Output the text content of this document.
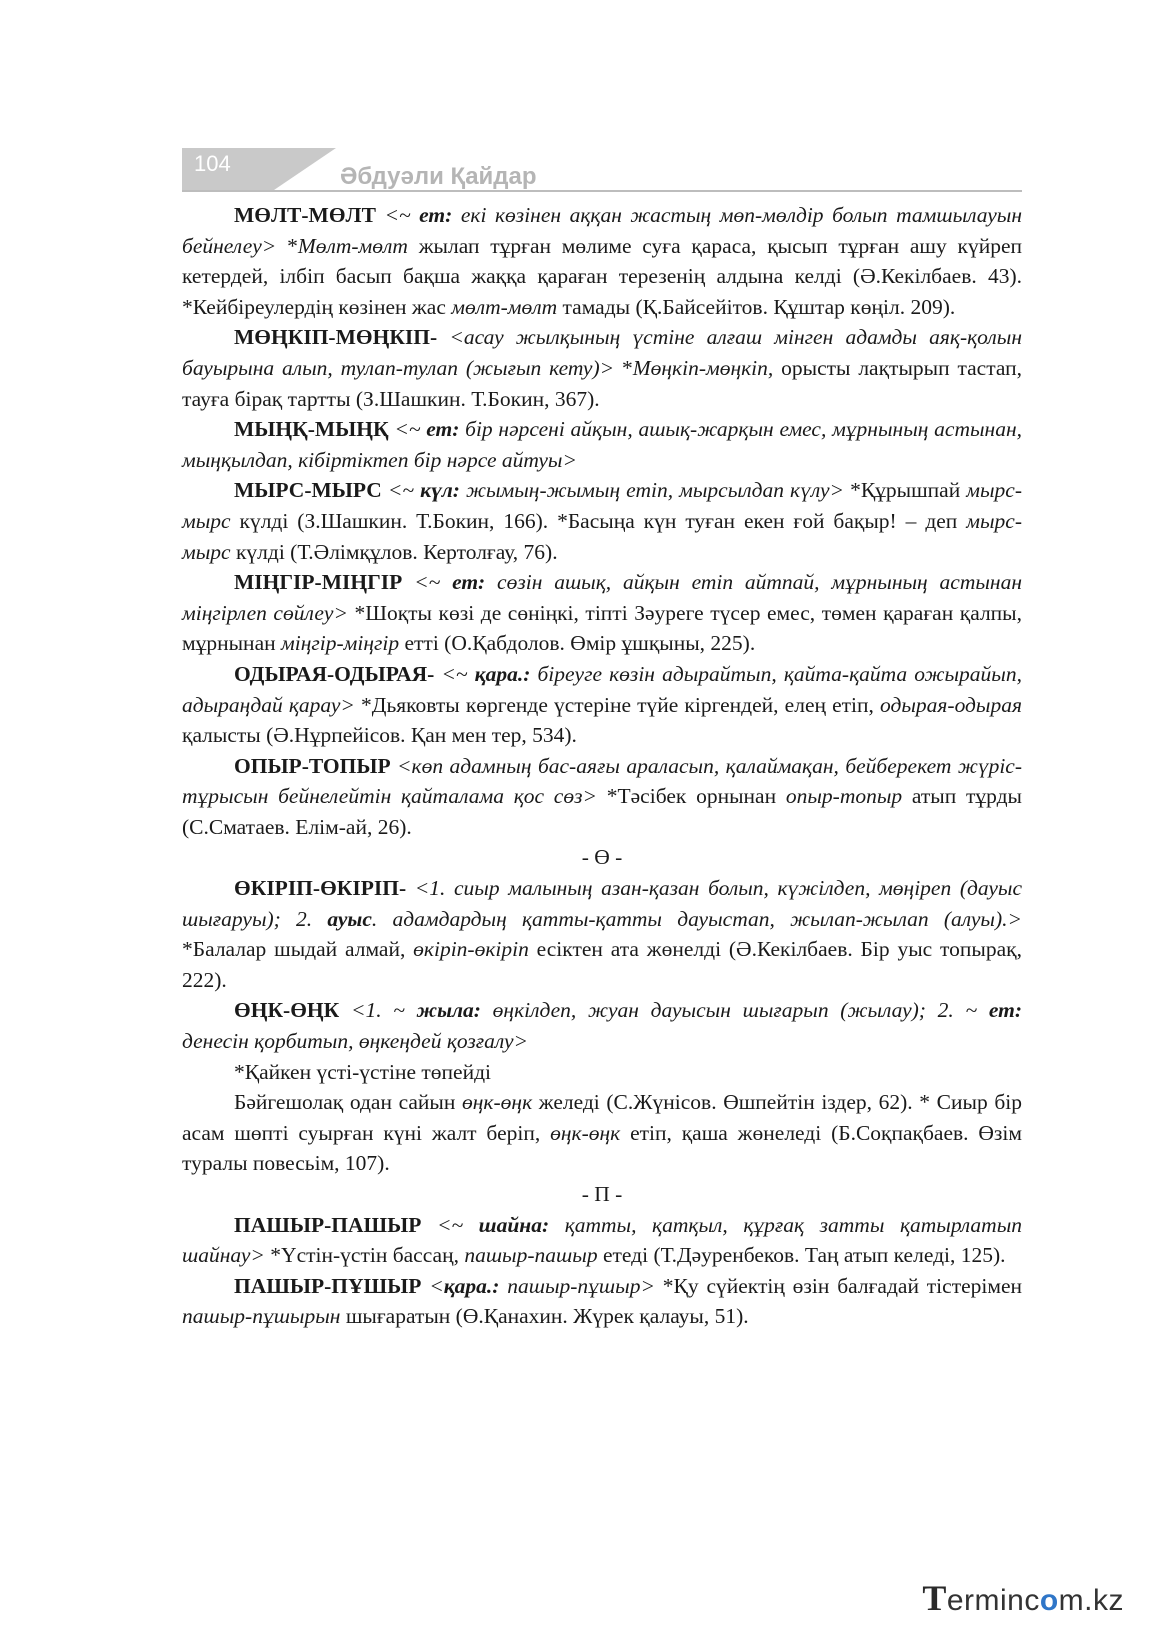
104	Әбдуәли Қайдар

МӨЛТ-МӨЛТ <~ ет: екі көзінен аққан жастың мөп-мөлдір болып тамшылауын бейнелеу> *Мөлт-мөлт жылап тұрған мөлиме суға қараса, қысып тұрған ашу күйреп кетердей, ілбіп басып бақша жаққа қараған терезенің алдына келді (Ә.Кекілбаев. 43). *Кейбіреулердің көзінен жас мөлт-мөлт тамады (Қ.Байсейітов. Құштар көңіл. 209).

МӨҢКІП-МӨҢКІП- <асау жылқының үстіне алғаш мінген адамды аяқ-қолын бауырына алып, тулап-тулап (жығып кету)> *Мөңкіп-мөңкіп, орысты лақтырып тастап, тауға бірақ тартты (З.Шашкин. Т.Бокин, 367).

МЫҢҚ-МЫҢҚ <~ ет: бір нәрсені айқын, ашық-жарқын емес, мұрнының астынан, мыңқылдап, кібіртіктеп бір нәрсе айтуы>

МЫРС-МЫРС <~ күл: жымың-жымың етіп, мырсылдап күлу> *Құрышпай мырс-мырс күлді (З.Шашкин. Т.Бокин, 166). *Басыңа күн туған екен ғой бақыр! – деп мырс-мырс күлді (Т.Әлімқұлов. Кертолғау, 76).

МІҢГІР-МІҢГІР <~ ет: сөзін ашық, айқын етіп айтпай, мұрнының астынан міңгірлеп сөйлеу> *Шоқты көзі де сөніңкі, тіпті Зәуреге түсер емес, төмен қараған қалпы, мұрнынан міңгір-міңгір етті (О.Қабдолов. Өмір ұшқыны, 225).

ОДЫРАЯ-ОДЫРАЯ- <~ қара.: біреуге көзін адырайтып, қайта-қайта ожырайып, адыраңдай қарау> *Дьяковты көргенде үстеріне түйе кіргендей, елең етіп, одырая-одырая қалысты (Ә.Нұрпейісов. Қан мен тер, 534).

ОПЫР-ТОПЫР <көп адамның бас-аяғы араласып, қалаймақан, бейберекет жүріс-тұрысын бейнелейтін қайталама қос сөз> *Тәсібек орнынан опыр-топыр атып тұрды (С.Сматаев. Елім-ай, 26).

- Ө -

ӨКІРІП-ӨКІРІП- <1. сиыр малының азан-қазан болып, күжілдеп, мөңіреп (дауыс шығаруы); 2. ауыс. адамдардың қатты-қатты дауыстап, жылап-жылап (алуы).> *Балалар шыдай алмай, өкіріп-өкіріп есіктен ата жөнелді (Ә.Кекілбаев. Бір уыс топырақ, 222).

ӨҢК-ӨҢК <1. ~ жыла: өңкілдеп, жуан дауысын шығарып (жылау); 2. ~ ет: денесін қорбитып, өңкеңдей қозғалу>

*Қайкен үсті-үстіне төпейді

Бәйгешолақ одан сайын өңк-өңк желеді (С.Жүнісов. Өшпейтін іздер, 62). * Сиыр бір асам шөпті суырған күні жалт беріп, өңк-өңк етіп, қаша жөнеледі (Б.Соқпақбаев. Өзім туралы повесьім, 107).

- П -

ПАШЫР-ПАШЫР <~ шайна: қатты, қатқыл, құрғақ затты қатырлатып шайнау> *Үстін-үстін бассаң, пашыр-пашыр етеді (Т.Дәуренбеков. Таң атып келеді, 125).

ПАШЫР-ПҰШЫР <қара.: пашыр-пұшыр> *Қу сүйектің өзін балғадай тістерімен пашыр-пұшырын шығаратын (Ө.Қанахин. Жүрек қалауы, 51).

Termincom.kz
